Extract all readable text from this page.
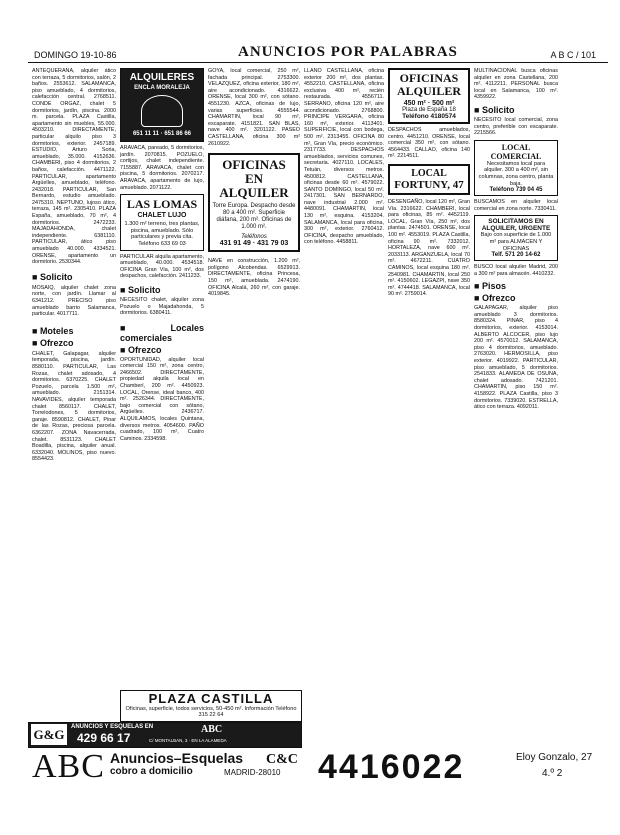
DOMINGO 19-10-86	ANUNCIOS POR PALABRAS	A B C / 101

ANTEQUERANA, alquiler ático con terraza, 5 dormitorios, salón, 2 baños. 2553612. SALAMANCA, piso amueblado, 4 dormitorios, calefacción central. 2768511. CONDE ORGAZ, chalet 5 dormitorios, jardín, piscina. 2000 m. parcela. PLAZA Castilla, apartamento sin muebles, 55.000. 4503210. DIRECTAMENTE, particular alquilo piso 3 dormitorios, exterior. 2457189. ESTUDIO, Arturo Soria, amueblado, 35.000. 4152636. CHAMBERI, piso 4 dormitorios, 2 baños, calefacción. 4471122. PARTICULAR, apartamento Argüelles, amueblado, teléfono. 2432018. PARTICULAR, San Bernardo, estudio amueblado. 2475310. NEPTUNO, lujoso ático, terraza, 145 m². 2305410. PLAZA España, amueblado, 70 m², 4 dormitorios. 2472233. MAJADAHONDA, chalet independiente. 6381110. PARTICULAR, ático piso amueblado 40.000. 4334521. ORENSE, apartamento un dormitorio. 2530344.

■ Solicito

MOSAIQ, alquiler chalet zona norte, con jardín. Llamar al 6341212. PRECISO piso amueblado barrio Salamanca, particular. 4017711.

■ Moteles
■ Ofrezco

CHALET, Galapagar, alquiler temporada, piscina, jardín. 8580110. PARTICULAR, Las Rozas, chalet adosado, 4 dormitorios. 6370225. CHALET Pozuelo, parcela 1.500 m², amueblado. 2151314. NAVAVIDES, alquiler temporada chalet 8560117. CHALET, Torrelodones, 5 dormitorios, garaje. 8590812. CHALET, Pinar de las Rozas, preciosa parcela. 6362207. ZONA Navacerrada, chalet. 8531123. CHALET Boadilla, piscina, alquiler anual. 6332040. MOLINOS, piso nuevo. 8554423.

ALQUILERES
ENCLA MORALEJA
651 11 11 · 651 86 66

ARAVACA, pareado, 5 dormitorios, jardín. 2070815. POZUELO, cortijos, chalet independiente. 7155887. ARAVACA, chalet con piscina, 5 dormitorios. 2070217. ARAVACA, apartamento de lujo, amueblado. 2071122.

LAS LOMAS
CHALET LUJO
1.300 m² terreno, tres plantas, piscina, amueblado. Sólo particulares y previa cita. Teléfono 633 69 03

PARTICULAR alquila apartamento, amueblado, 40.000. 4534518. OFICINA Gran Vía, 100 m², dos despachos, calefacción. 2411233.

■ Solicito

NECESITO chalet, alquiler zona Pozuelo o Majadahonda, 5 dormitorios. 6380411.

■ Locales comerciales
■ Ofrezco

OPORTUNIDAD, alquiler local comercial 150 m², zona centro, 2466502. DIRECTAMENTE, propiedad alquila local en Chamberí, 200 m². 4450923. LOCAL, Orense, ideal banco, 400 m². 2526344. DIRECTAMENTE, bajo comercial con sótano, Argüelles. 2436717. ALQUILAMOS, locales Quintana, diversos metros. 4054600. PAÑO cuadrado, 100 m², Cuatro Caminos. 2334598.

GOYA, local comercial, 250 m², fachada principal. 2753300. VELAZQUEZ, oficina exterior, 180 m², aire acondicionado. 4316622. ORENSE, local 300 m², con sótano. 4551230. AZCA, oficinas de lujo, varias superficies. 4555544. CHAMARTIN, local 90 m², escaparate. 4151821. SAN BLAS, nave 400 m². 3201122. PASEO CASTELLANA, oficina 300 m² 2610922.

OFICINAS EN ALQUILER
Torre Europa. Despacho desde 80 a 400 m². Superficie diáfana, 200 m². Oficinas de 1.000 m².
Teléfonos
431 91 49 · 431 79 03

NAVE en construcción, 1.200 m², polígono Alcobendas. 6529913. DIRECTAMENTE, oficina Princesa, 150 m², amueblada. 2474190. OFICINA Alcalá, 260 m², con garaje. 4019845.

LLANO CASTELLANA, oficina exterior 200 m², dos plantas. 4552210. CASTELLANA, oficina exclusiva 400 m², recién restaurada. 4556711. SERRANO, oficina 120 m², aire acondicionado. 2768800. PRINCIPE VERGARA, oficina 160 m², exterior. 4113401. SUPERFICIE, local con bodega, 500 m². 2313455. OFICINA 80 m², Gran Vía, precio económico. 2317733. DESPACHOS amueblados, servicios comunes, secretaria. 4027110. LOCALES, Tetuán, diversos metros. 4500812. CASTELLANA, oficinas desde 60 m². 4579022. SANTO DOMINGO, local 50 m². 2417301. SAN BERNARDO, nave industrial 2.000 m². 4480091. CHAMARTIN, local 130 m², esquina. 4153204. SALAMANCA, local para oficina, 300 m², exterior. 2760412. OFICINA, despacho amueblado, con teléfono. 4458811.

OFICINAS ALQUILER
450 m² · 500 m²
Plaza de España 18
Teléfono 4180574

DESPACHOS amueblados, centro. 4451210. ORENSE, local comercial 350 m², con sótano. 4564433. CALLAO, oficina 140 m². 2214511.

LOCAL
FORTUNY, 47

DESENGAÑO, local 120 m², Gran Vía. 2316622. CHAMBERI, local para oficinas, 85 m². 4452119. LOCAL, Gran Vía, 250 m², dos plantas. 2474501. ORENSE, local 100 m². 4553019. PLAZA Castilla, oficina 90 m². 7332012. HORTALEZA, nave 600 m². 2033113. ARGANZUELA, local 70 m². 4672211. CUATRO CAMINOS, local esquina 180 m². 2540981. CHAMARTIN, local 250 m². 4150602. LEGAZPI, nave 350 m². 4744418. SALAMANCA, local 90 m². 2759014.

MULTINACIONAL busca oficinas alquiler en zona Castellana, 200 m². 4112211. PERSONAL busca local en Salamanca, 100 m². 4359922.

■ Solicito

NECESITO local comercial, zona centro, preferible con escaparate. 2215566.

LOCAL COMERCIAL
Necesitamos local para alquiler. 300 a 400 m², sin columnas, zona centro, planta baja.
Teléfono 739 04 45

BUSCAMOS en alquiler local comercial en zona norte. 7330411.

SOLICITAMOS EN ALQUILER, URGENTE
Bajo con superficie de 1.000 m² para ALMACEN Y OFICINAS
Telf. 571 20 14-62

BUSCO local alquiler Madrid, 200 a 300 m² para almacén. 4410232.

■ Pisos
■ Ofrezco

GALAPAGAR, alquiler piso amueblado 3 dormitorios. 8580324. PINAR, piso 4 dormitorios, exterior. 4153014. ALBERTO ALCOCER, piso lujo 200 m². 4570012. SALAMANCA, piso 4 dormitorios, amueblado. 2763020. HERMOSILLA, piso exterior. 4019922. PARTICULAR, piso amueblado, 5 dormitorios. 2541833. ALAMEDA DE OSUNA, chalet adosado. 7421201. CHAMARTIN, piso 150 m². 4158922. PLAZA Castilla, piso 3 dormitorios. 7339020. ESTRELLA, ático con terraza. 4092011.

PLAZA CASTILLA
Oficinas, superficie, todos servicios, 50-450 m². Información Teléfono 315 22 64
G&G	ANUNCIOS Y ESQUELAS EN	ABC
429 66 17	C/ MONTALBAN, 3 · EN LA ALAMEDA
ABC Anuncios–Esquelas
cobro a domicilio	MADRID-28010
C&C 4416022	Eloy Gonzalo, 27
4.º 2
